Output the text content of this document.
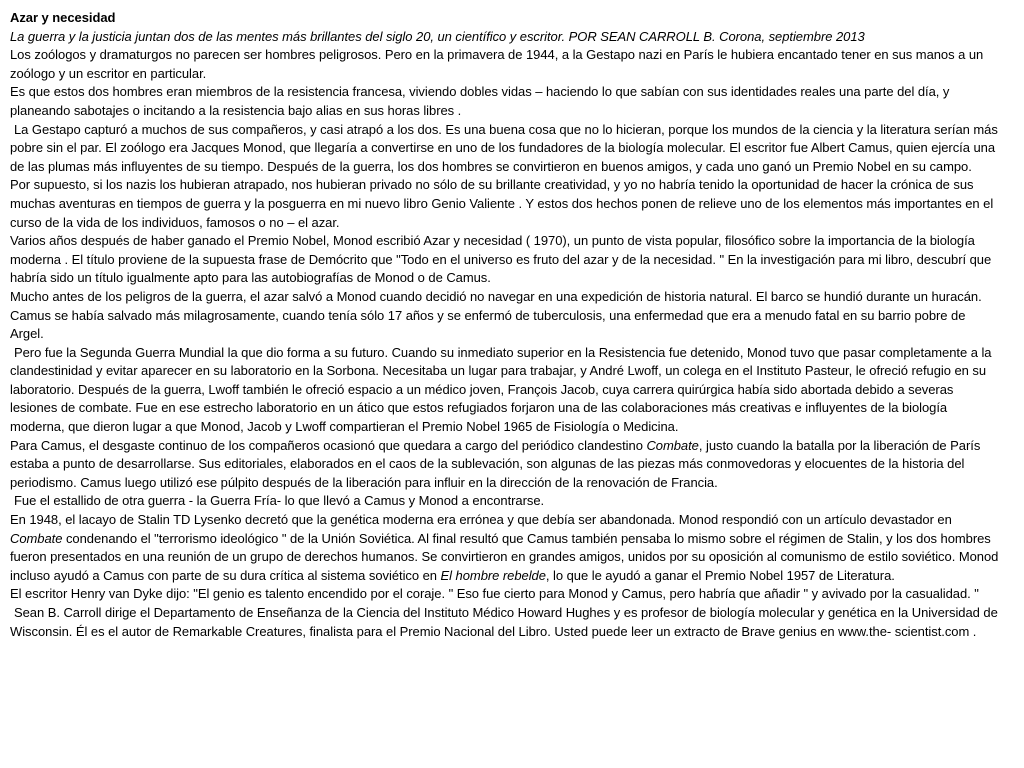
Azar y necesidad

La guerra y la justicia juntan dos de las mentes más brillantes del siglo 20, un científico y escritor. POR SEAN CARROLL B. Corona, septiembre 2013

Los zoólogos y dramaturgos no parecen ser hombres peligrosos. Pero en la primavera de 1944, a la Gestapo nazi en París le hubiera encantado tener en sus manos a un zoólogo y un escritor en particular.

Es que estos dos hombres eran miembros de la resistencia francesa, viviendo dobles vidas – haciendo lo que sabían con sus identidades reales una parte del día, y planeando sabotajes o incitando a la resistencia bajo alias en sus horas libres .

La Gestapo capturó a muchos de sus compañeros, y casi atrapó a los dos. Es una buena cosa que no lo hicieran, porque los mundos de la ciencia y la literatura serían más pobre sin el par. El zoólogo era Jacques Monod, que llegaría a convertirse en uno de los fundadores de la biología molecular. El escritor fue Albert Camus, quien ejercía una de las plumas más influyentes de su tiempo. Después de la guerra, los dos hombres se convirtieron en buenos amigos, y cada uno ganó un Premio Nobel en su campo.

Por supuesto, si los nazis los hubieran atrapado, nos hubieran privado no sólo de su brillante creatividad, y yo no habría tenido la oportunidad de hacer la crónica de sus muchas aventuras en tiempos de guerra y la posguerra en mi nuevo libro Genio Valiente . Y estos dos hechos ponen de relieve uno de los elementos más importantes en el curso de la vida de los individuos, famosos o no – el azar.

Varios años después de haber ganado el Premio Nobel, Monod escribió Azar y necesidad ( 1970), un punto de vista popular, filosófico sobre la importancia de la biología moderna . El título proviene de la supuesta frase de Demócrito que "Todo en el universo es fruto del azar y de la necesidad. " En la investigación para mi libro, descubrí que habría sido un título igualmente apto para las autobiografías de Monod o de Camus.

Mucho antes de los peligros de la guerra, el azar salvó a Monod cuando decidió no navegar en una expedición de historia natural. El barco se hundió durante un huracán. Camus se había salvado más milagrosamente, cuando tenía sólo 17 años y se enfermó de tuberculosis, una enfermedad que era a menudo fatal en su barrio pobre de Argel.

Pero fue la Segunda Guerra Mundial la que dio forma a su futuro. Cuando su inmediato superior en la Resistencia fue detenido, Monod tuvo que pasar completamente a la clandestinidad y evitar aparecer en su laboratorio en la Sorbona. Necesitaba un lugar para trabajar, y André Lwoff, un colega en el Instituto Pasteur, le ofreció refugio en su laboratorio. Después de la guerra, Lwoff también le ofreció espacio a un médico joven, François Jacob, cuya carrera quirúrgica había sido abortada debido a severas lesiones de combate. Fue en ese estrecho laboratorio en un ático que estos refugiados forjaron una de las colaboraciones más creativas e influyentes de la biología moderna, que dieron lugar a que Monod, Jacob y Lwoff compartieran el Premio Nobel 1965 de Fisiología o Medicina.

Para Camus, el desgaste continuo de los compañeros ocasionó que quedara a cargo del periódico clandestino Combate, justo cuando la batalla por la liberación de París estaba a punto de desarrollarse. Sus editoriales, elaborados en el caos de la sublevación, son algunas de las piezas más conmovedoras y elocuentes de la historia del periodismo. Camus luego utilizó ese púlpito después de la liberación para influir en la dirección de la renovación de Francia.

Fue el estallido de otra guerra - la Guerra Fría- lo que llevó a Camus y Monod a encontrarse.

En 1948, el lacayo de Stalin TD Lysenko decretó que la genética moderna era errónea y que debía ser abandonada. Monod respondió con un artículo devastador en Combate condenando el "terrorismo ideológico " de la Unión Soviética. Al final resultó que Camus también pensaba lo mismo sobre el régimen de Stalin, y los dos hombres fueron presentados en una reunión de un grupo de derechos humanos. Se convirtieron en grandes amigos, unidos por su oposición al comunismo de estilo soviético. Monod incluso ayudó a Camus con parte de su dura crítica al sistema soviético en El hombre rebelde, lo que le ayudó a ganar el Premio Nobel 1957 de Literatura.

El escritor Henry van Dyke dijo: "El genio es talento encendido por el coraje. " Eso fue cierto para Monod y Camus, pero habría que añadir " y avivado por la casualidad. "

Sean B. Carroll dirige el Departamento de Enseñanza de la Ciencia del Instituto Médico Howard Hughes y es profesor de biología molecular y genética en la Universidad de Wisconsin. Él es el autor de Remarkable Creatures, finalista para el Premio Nacional del Libro. Usted puede leer un extracto de Brave genius en www.the- scientist.com .
